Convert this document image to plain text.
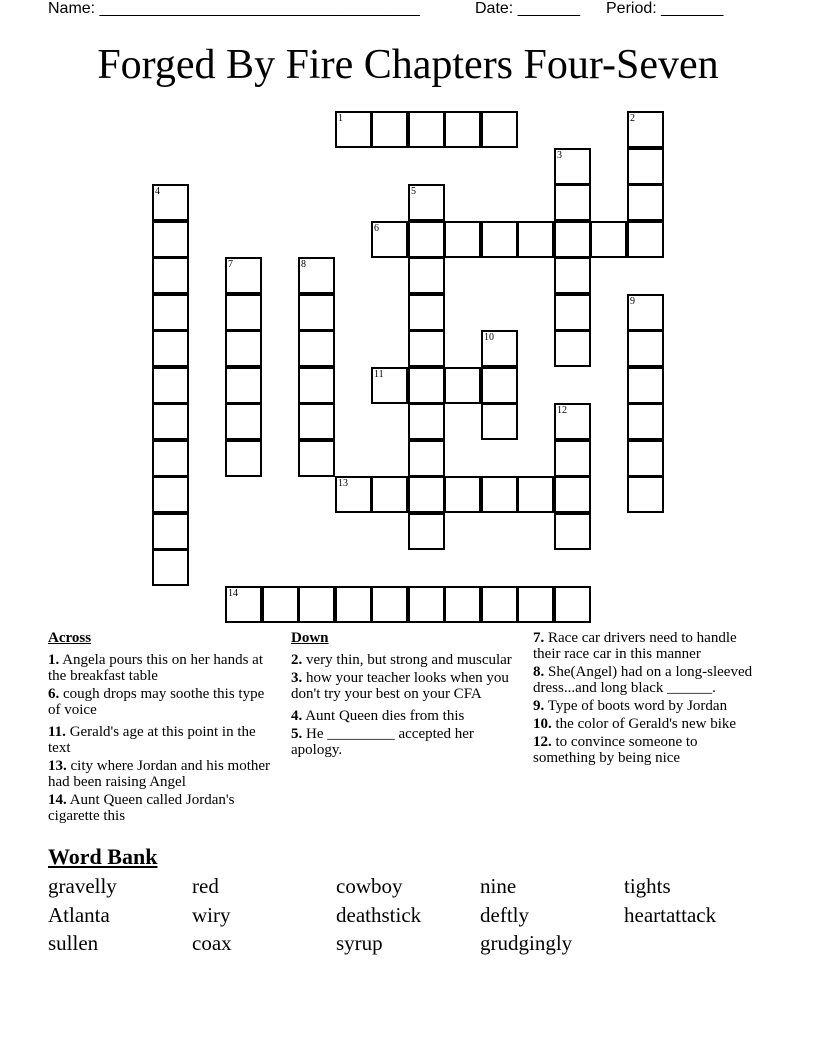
Name: ____________________________________	Date: _______ Period: _______
Forged By Fire Chapters Four-Seven
1	2
3
4	5
6
7	8
9
10
11
12
13
14
Across
1. Angela pours this on her hands at the breakfast table
6. cough drops may soothe this type of voice
11. Gerald's age at this point in the text
13. city where Jordan and his mother had been raising Angel
14. Aunt Queen called Jordan's cigarette this
Down
2. very thin, but strong and muscular
3. how your teacher looks when you don't try your best on your CFA
4. Aunt Queen dies from this
5. He _________ accepted her apology.
7. Race car drivers need to handle their race car in this manner
8. She(Angel) had on a long-sleeved dress...and long black ______.
9. Type of boots word by Jordan
10. the color of Gerald's new bike
12. to convince someone to something by being nice
Word Bank
gravelly	red	cowboy	nine	tights
Atlanta	wiry	deathstick	deftly	heartattack
sullen	coax	syrup	grudgingly
